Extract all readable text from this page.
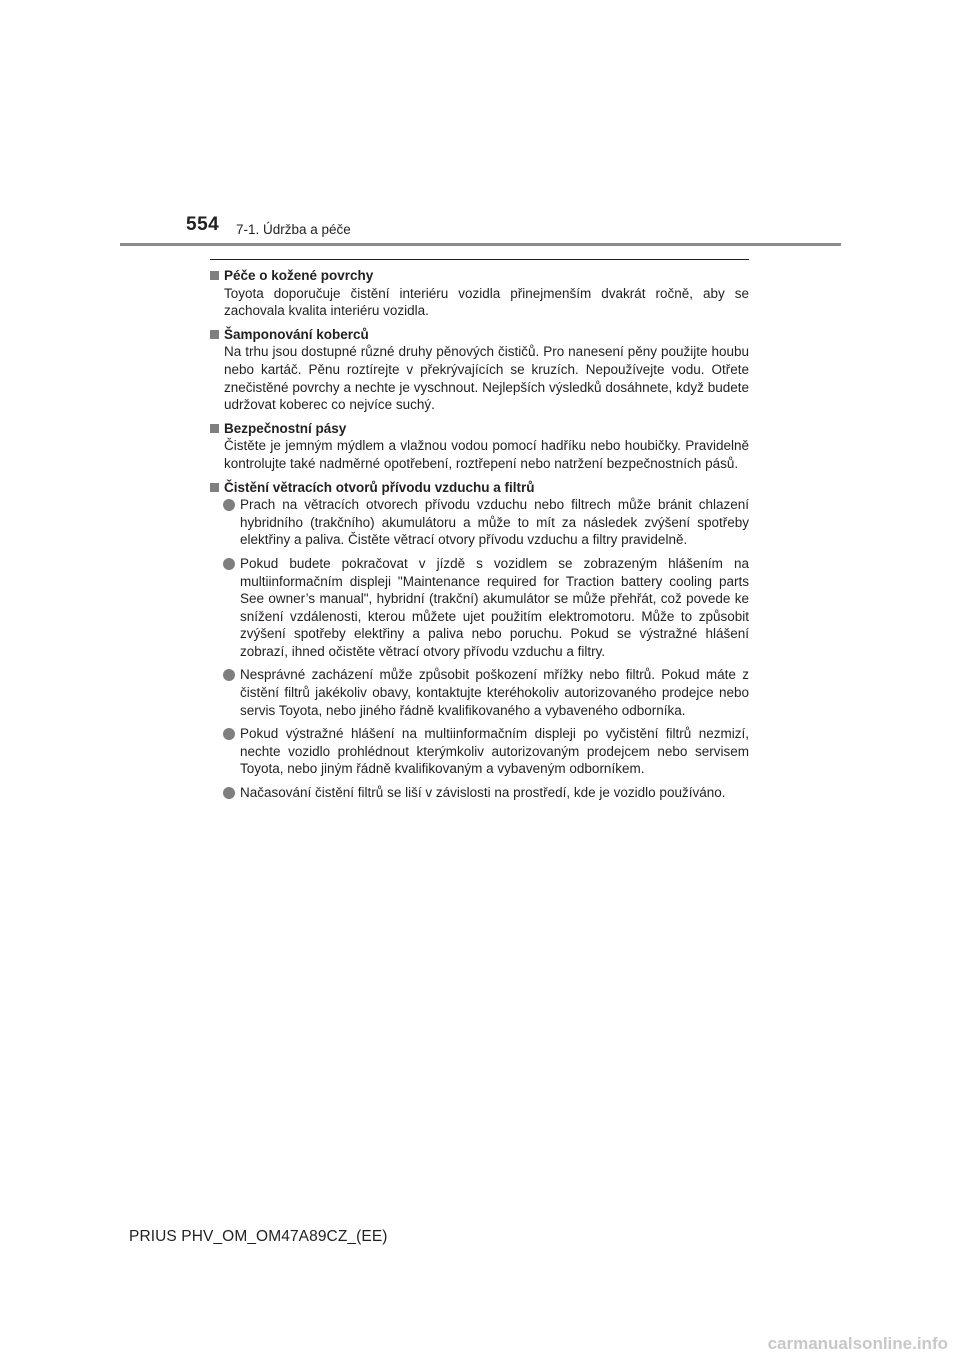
554 7-1. Údržba a péče
Péče o kožené povrchy
Toyota doporučuje čistění interiéru vozidla přinejmenším dvakrát ročně, aby se zachovala kvalita interiéru vozidla.
Šamponování koberců
Na trhu jsou dostupné různé druhy pěnových čističů. Pro nanesení pěny použijte houbu nebo kartáč. Pěnu roztírejte v překrývajících se kruzích. Nepoužívejte vodu. Otřete znečistěné povrchy a nechte je vyschnout. Nejlepších výsledků dosáhnete, když budete udržovat koberec co nejvíce suchý.
Bezpečnostní pásy
Čistěte je jemným mýdlem a vlažnou vodou pomocí hadříku nebo houbičky. Pravidelně kontrolujte také nadměrné opotřebení, roztřepení nebo natržení bezpečnostních pásů.
Čistění větracích otvorů přívodu vzduchu a filtrů
Prach na větracích otvorech přívodu vzduchu nebo filtrech může bránit chlazení hybridního (trakčního) akumulátoru a může to mít za následek zvýšení spotřeby elektřiny a paliva. Čistěte větrací otvory přívodu vzduchu a filtry pravidelně.
Pokud budete pokračovat v jízdě s vozidlem se zobrazeným hlášením na multiinformačním displeji "Maintenance required for Traction battery cooling parts See owner’s manual", hybridní (trakční) akumulátor se může přehřát, což povede ke snížení vzdálenosti, kterou můžete ujet použitím elektromotoru. Může to způsobit zvýšení spotřeby elektřiny a paliva nebo poruchu. Pokud se výstražné hlášení zobrazí, ihned očistěte větrací otvory přívodu vzduchu a filtry.
Nesprávné zacházení může způsobit poškození mřížky nebo filtrů. Pokud máte z čistění filtrů jakékoliv obavy, kontaktujte kteréhokoliv autorizovaného prodejce nebo servis Toyota, nebo jiného řádně kvalifikovaného a vybaveného odborníka.
Pokud výstražné hlášení na multiinformačním displeji po vyčistění filtrů nezmizí, nechte vozidlo prohlédnout kterýmkoliv autorizovaným prodejcem nebo servisem Toyota, nebo jiným řádně kvalifikovaným a vybaveným odborníkem.
Načasování čistění filtrů se liší v závislosti na prostředí, kde je vozidlo používáno.
PRIUS PHV_OM_OM47A89CZ_(EE)
carmanualsonline.info
